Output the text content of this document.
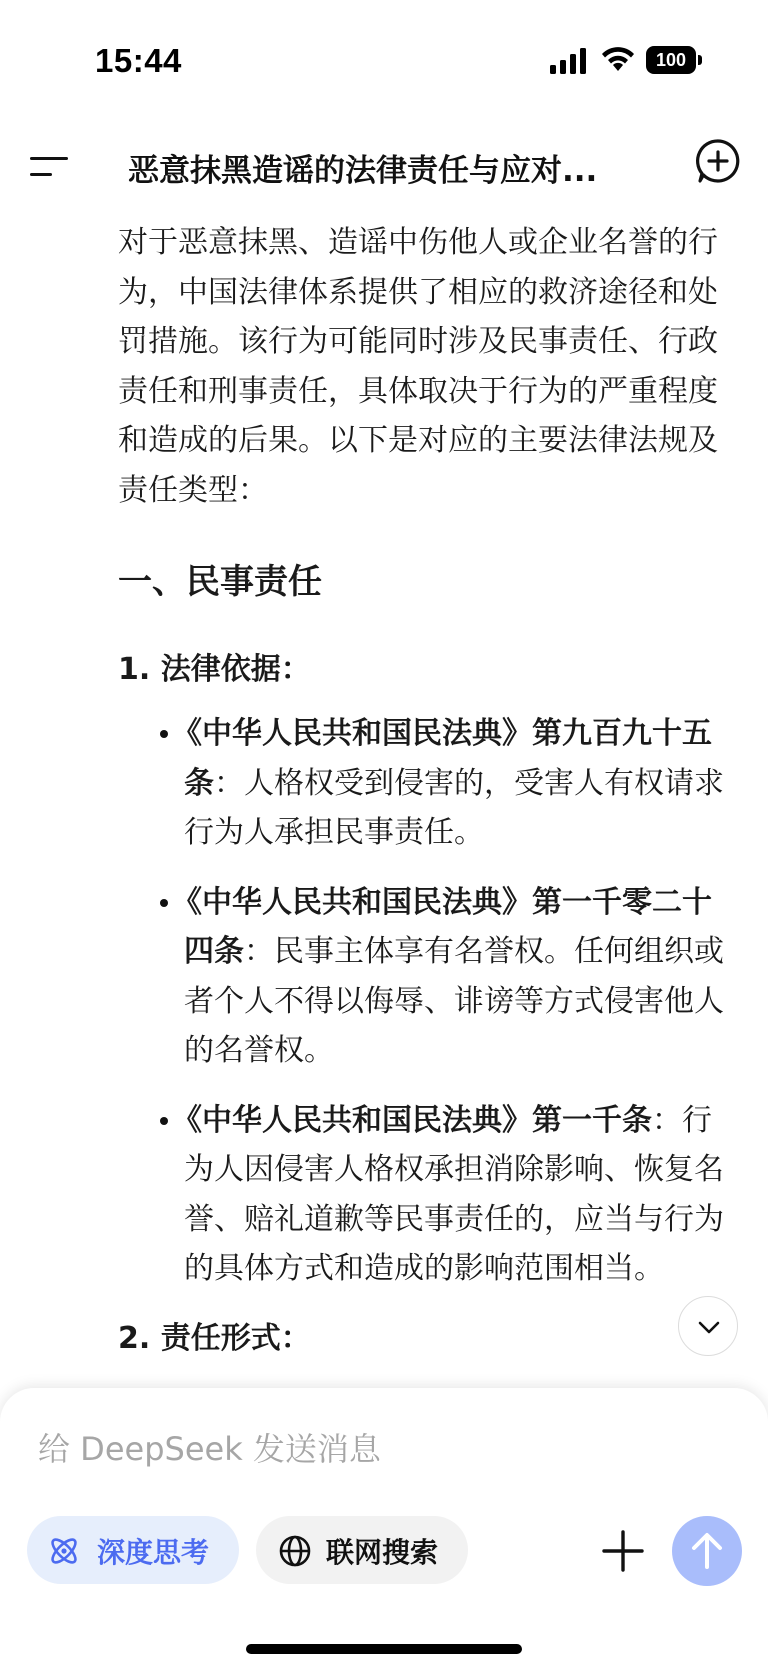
15:44	100
恶意抹黑造谣的法律责任与应对...

对于恶意抹黑、造谣中伤他人或企业名誉的行为，中国法律体系提供了相应的救济途径和处罚措施。该行为可能同时涉及民事责任、行政责任和刑事责任，具体取决于行为的严重程度和造成的后果。以下是对应的主要法律法规及责任类型：

一、民事责任
1. 法律依据：
《中华人民共和国民法典》第九百九十五条：人格权受到侵害的，受害人有权请求行为人承担民事责任。
《中华人民共和国民法典》第一千零二十四条：民事主体享有名誉权。任何组织或者个人不得以侮辱、诽谤等方式侵害他人的名誉权。
《中华人民共和国民法典》第一千条：行为人因侵害人格权承担消除影响、恢复名誉、赔礼道歉等民事责任的，应当与行为的具体方式和造成的影响范围相当。
2. 责任形式：
给 DeepSeek 发送消息
深度思考	联网搜索
